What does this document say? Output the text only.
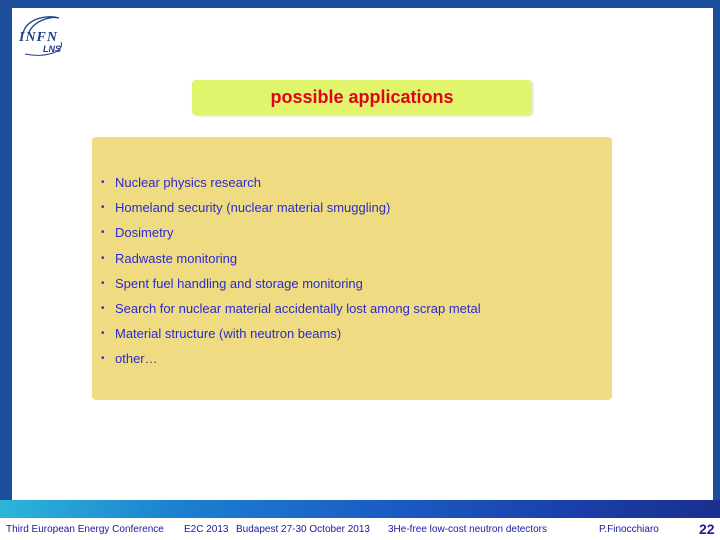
INFN
LNS
possible applications
• Nuclear physics research
• Homeland security (nuclear material smuggling)
• Dosimetry
• Radwaste monitoring
• Spent fuel handling and storage monitoring
• Search for nuclear material accidentally lost among scrap metal
• Material structure (with neutron beams)
• other…
Third European Energy Conference E2C 2013 Budapest 27-30 October 2013 3He-free low-cost neutron detectors	P.Finocchiaro	22
